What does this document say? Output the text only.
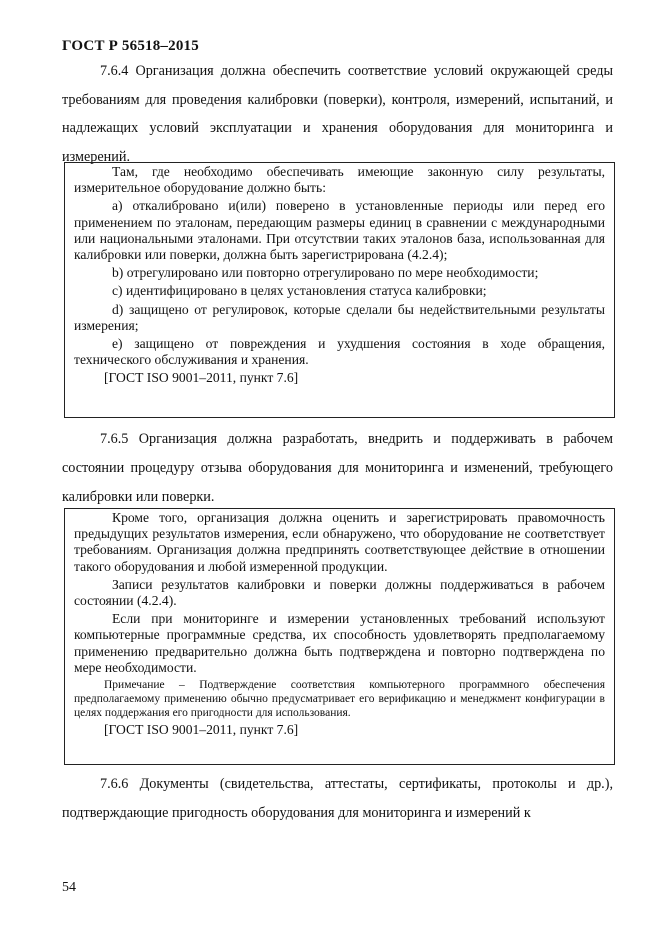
ГОСТ Р 56518–2015

7.6.4 Организация должна обеспечить соответствие условий окружающей среды требованиям для проведения калибровки (поверки), контроля, измерений, испытаний, и надлежащих условий эксплуатации и хранения оборудования для мониторинга и измерений.

Там, где необходимо обеспечивать имеющие законную силу результаты, измерительное оборудование должно быть:

a) откалибровано и(или) поверено в установленные периоды или перед его применением по эталонам, передающим размеры единиц в сравнении с международными или национальными эталонами. При отсутствии таких эталонов база, использованная для калибровки или поверки, должна быть зарегистрирована (4.2.4);

b) отрегулировано или повторно отрегулировано по мере необходимости;

c) идентифицировано в целях установления статуса калибровки;

d) защищено от регулировок, которые сделали бы недействительными результаты измерения;

e) защищено от повреждения и ухудшения состояния в ходе обращения, технического обслуживания и хранения.

[ГОСТ ISO 9001–2011, пункт 7.6]

7.6.5 Организация должна разработать, внедрить и поддерживать в рабочем состоянии процедуру отзыва оборудования для мониторинга и изменений, требующего калибровки или поверки.

Кроме того, организация должна оценить и зарегистрировать правомочность предыдущих результатов измерения, если обнаружено, что оборудование не соответствует требованиям. Организация должна предпринять соответствующее действие в отношении такого оборудования и любой измеренной продукции.

Записи результатов калибровки и поверки должны поддерживаться в рабочем состоянии (4.2.4).

Если при мониторинге и измерении установленных требований используют компьютерные программные средства, их способность удовлетворять предполагаемому применению предварительно должна быть подтверждена и повторно подтверждена по мере необходимости.

Примечание – Подтверждение соответствия компьютерного программного обеспечения предполагаемому применению обычно предусматривает его верификацию и менеджмент конфигурации в целях поддержания его пригодности для использования.

[ГОСТ ISO 9001–2011, пункт 7.6]

7.6.6 Документы (свидетельства, аттестаты, сертификаты, протоколы и др.), подтверждающие пригодность оборудования для мониторинга и измерений к

54
